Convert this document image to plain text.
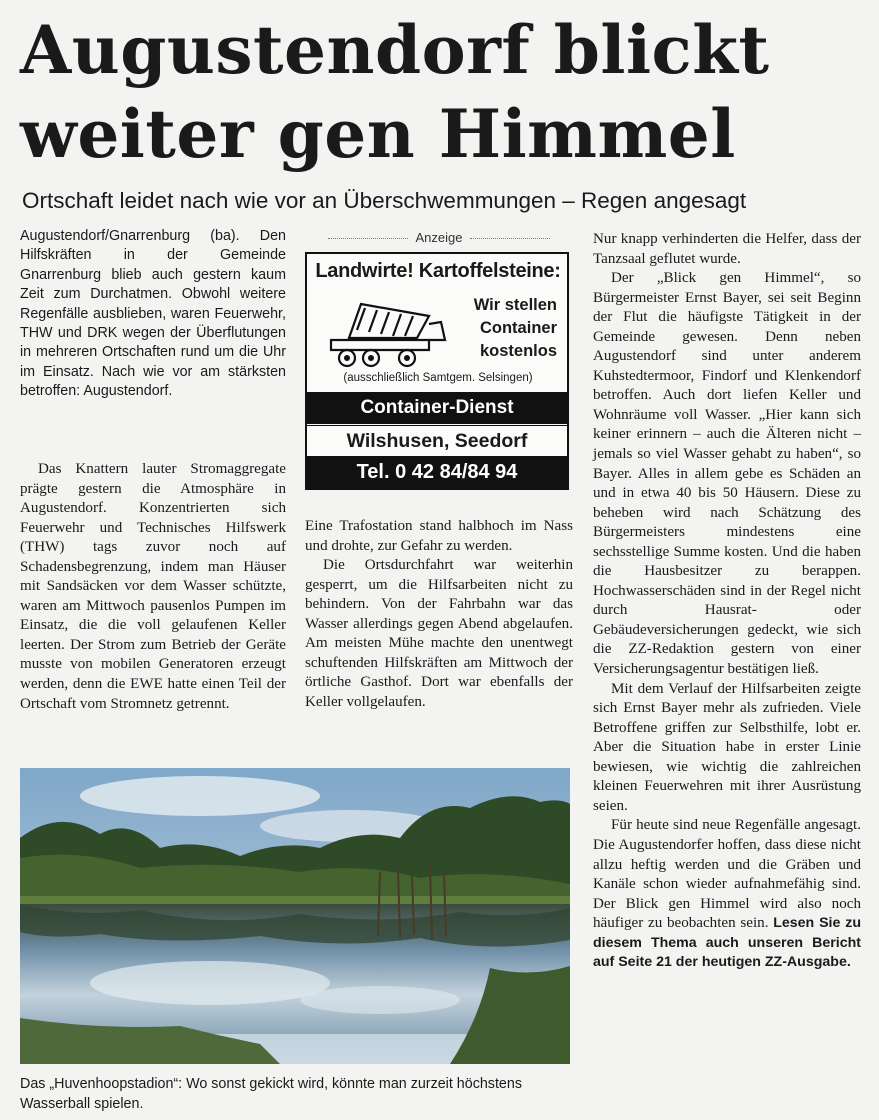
Augustendorf blickt
weiter gen Himmel

Ortschaft leidet nach wie vor an Überschwemmungen – Regen angesagt

Augustendorf/Gnarrenburg (ba). Den Hilfskräften in der Gemeinde Gnarrenburg blieb auch gestern kaum Zeit zum Durchatmen. Obwohl weitere Regenfälle ausblieben, waren Feuerwehr, THW und DRK wegen der Überflutungen in mehreren Ortschaften rund um die Uhr im Einsatz. Nach wie vor am stärksten betroffen: Augustendorf.

Das Knattern lauter Stromaggregate prägte gestern die Atmosphäre in Augustendorf. Konzentrierten sich Feuerwehr und Technisches Hilfswerk (THW) tags zuvor noch auf Schadensbegrenzung, indem man Häuser mit Sandsäcken vor dem Wasser schützte, waren am Mittwoch pausenlos Pumpen im Einsatz, die die voll gelaufenen Keller leerten. Der Strom zum Betrieb der Geräte musste von mobilen Generatoren erzeugt werden, denn die EWE hatte einen Teil der Ortschaft vom Stromnetz getrennt.

Anzeige
Landwirte! Kartoffelsteine:
Wir stellen
Container
kostenlos
(ausschließlich Samtgem. Selsingen)
Container-Dienst
Wilshusen, Seedorf
Tel. 0 42 84/84 94

Eine Trafostation stand halbhoch im Nass und drohte, zur Gefahr zu werden.

Die Ortsdurchfahrt war weiterhin gesperrt, um die Hilfsarbeiten nicht zu behindern. Von der Fahrbahn war das Wasser allerdings gegen Abend abgelaufen. Am meisten Mühe machte den unentwegt schuftenden Hilfskräften am Mittwoch der örtliche Gasthof. Dort war ebenfalls der Keller vollgelaufen.

Nur knapp verhinderten die Helfer, dass der Tanzsaal geflutet wurde.

Der „Blick gen Himmel“, so Bürgermeister Ernst Bayer, sei seit Beginn der Flut die häufigste Tätigkeit in der Gemeinde gewesen. Denn neben Augustendorf sind unter anderem Kuhstedtermoor, Findorf und Klenkendorf betroffen. Auch dort liefen Keller und Wohnräume voll Wasser. „Hier kann sich keiner erinnern – auch die Älteren nicht – jemals so viel Wasser gehabt zu haben“, so Bayer. Alles in allem gebe es Schäden an und in etwa 40 bis 50 Häusern. Diese zu beheben wird nach Schätzung des Bürgermeisters mindestens eine sechsstellige Summe kosten. Und die haben die Hausbesitzer zu berappen. Hochwasserschäden sind in der Regel nicht durch Hausrat- oder Gebäudeversicherungen gedeckt, wie sich die ZZ-Redaktion gestern von einer Versicherungsagentur bestätigen ließ.

Mit dem Verlauf der Hilfsarbeiten zeigte sich Ernst Bayer mehr als zufrieden. Viele Betroffene griffen zur Selbsthilfe, lobt er. Aber die Situation habe in erster Linie bewiesen, wie wichtig die zahlreichen kleinen Feuerwehren mit ihrer Ausrüstung seien.

Für heute sind neue Regenfälle angesagt. Die Augustendorfer hoffen, dass diese nicht allzu heftig werden und die Gräben und Kanäle schon wieder aufnahmefähig sind. Der Blick gen Himmel wird also noch häufiger zu beobachten sein. Lesen Sie zu diesem Thema auch unseren Bericht auf Seite 21 der heutigen ZZ-Ausgabe.

Das „Huvenhoopstadion“: Wo sonst gekickt wird, könnte man zurzeit höchstens Wasserball spielen.
